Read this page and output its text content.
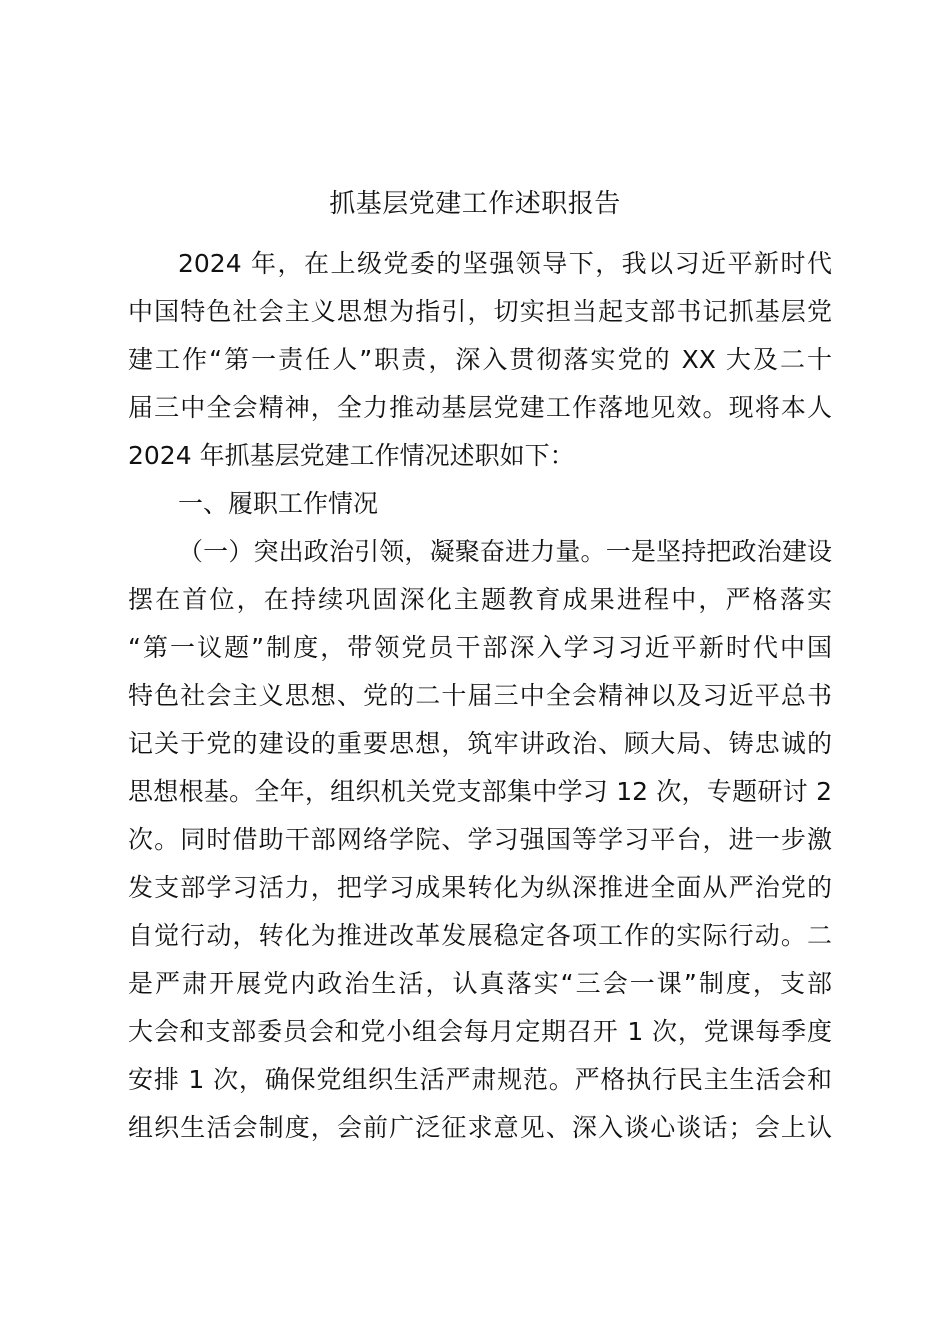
抓基层党建工作述职报告
2024 年，在上级党委的坚强领导下，我以习近平新时代
中国特色社会主义思想为指引，切实担当起支部书记抓基层党
建工作“第一责任人”职责，深入贯彻落实党的 XX 大及二十
届三中全会精神，全力推动基层党建工作落地见效。现将本人
2024 年抓基层党建工作情况述职如下：
一、履职工作情况
（一）突出政治引领，凝聚奋进力量。一是坚持把政治建设
摆在首位，在持续巩固深化主题教育成果进程中，严格落实
“第一议题”制度，带领党员干部深入学习习近平新时代中国
特色社会主义思想、党的二十届三中全会精神以及习近平总书
记关于党的建设的重要思想，筑牢讲政治、顾大局、铸忠诚的
思想根基。全年，组织机关党支部集中学习 12 次，专题研讨 2
次。同时借助干部网络学院、学习强国等学习平台，进一步激
发支部学习活力，把学习成果转化为纵深推进全面从严治党的
自觉行动，转化为推进改革发展稳定各项工作的实际行动。二
是严肃开展党内政治生活，认真落实“三会一课”制度，支部
大会和支部委员会和党小组会每月定期召开 1 次，党课每季度
安排 1 次，确保党组织生活严肃规范。严格执行民主生活会和
组织生活会制度，会前广泛征求意见、深入谈心谈话；会上认
